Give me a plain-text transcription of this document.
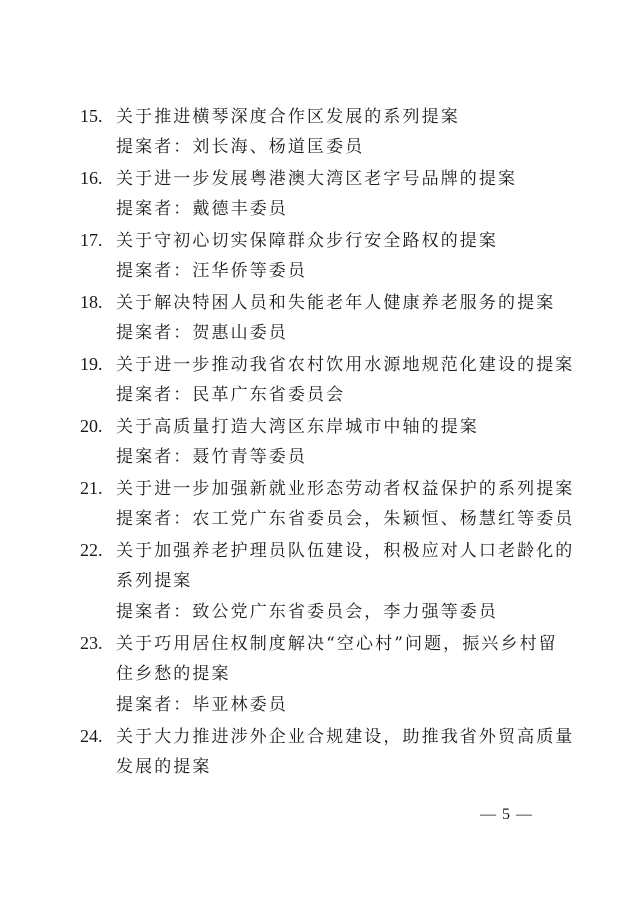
15. 关于推进横琴深度合作区发展的系列提案
提案者：刘长海、杨道匡委员
16. 关于进一步发展粤港澳大湾区老字号品牌的提案
提案者：戴德丰委员
17. 关于守初心切实保障群众步行安全路权的提案
提案者：汪华侨等委员
18. 关于解决特困人员和失能老年人健康养老服务的提案
提案者：贺惠山委员
19. 关于进一步推动我省农村饮用水源地规范化建设的提案
提案者：民革广东省委员会
20. 关于高质量打造大湾区东岸城市中轴的提案
提案者：聂竹青等委员
21. 关于进一步加强新就业形态劳动者权益保护的系列提案
提案者：农工党广东省委员会，朱颖恒、杨慧红等委员
22. 关于加强养老护理员队伍建设，积极应对人口老龄化的
系列提案
提案者：致公党广东省委员会，李力强等委员
23. 关于巧用居住权制度解决“空心村”问题，振兴乡村留
住乡愁的提案
提案者：毕亚林委员
24. 关于大力推进涉外企业合规建设，助推我省外贸高质量
发展的提案
— 5 —
